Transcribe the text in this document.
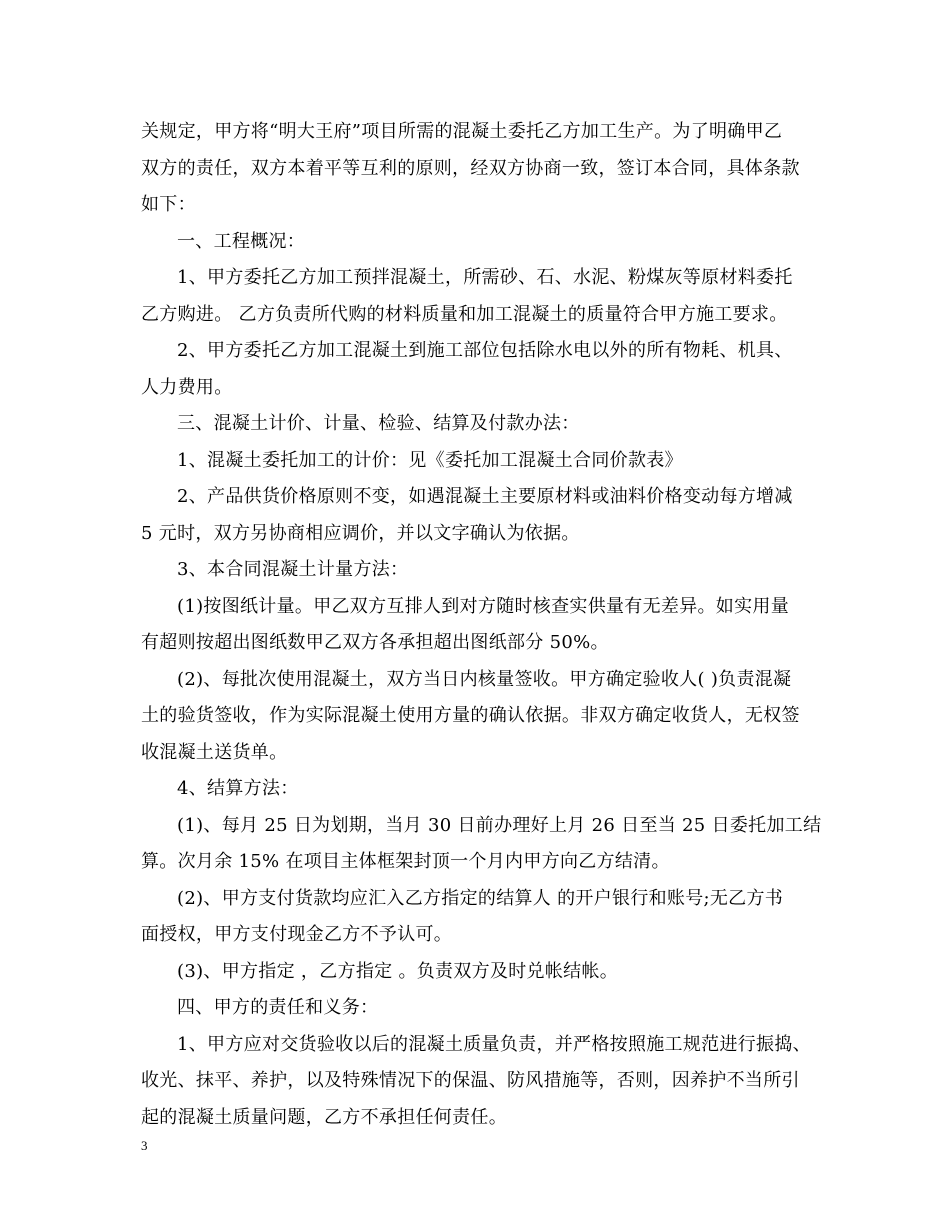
关规定，甲方将“明大王府”项目所需的混凝土委托乙方加工生产。为了明确甲乙
双方的责任，双方本着平等互利的原则，经双方协商一致，签订本合同，具体条款
如下：
一、工程概况：
1、甲方委托乙方加工预拌混凝土，所需砂、石、水泥、粉煤灰等原材料委托
乙方购进。 乙方负责所代购的材料质量和加工混凝土的质量符合甲方施工要求。
2、甲方委托乙方加工混凝土到施工部位包括除水电以外的所有物耗、机具、
人力费用。
三、混凝土计价、计量、检验、结算及付款办法：
1、混凝土委托加工的计价：见《委托加工混凝土合同价款表》
2、产品供货价格原则不变，如遇混凝土主要原材料或油料价格变动每方增减
5 元时，双方另协商相应调价，并以文字确认为依据。
3、本合同混凝土计量方法：
(1)按图纸计量。甲乙双方互排人到对方随时核查实供量有无差异。如实用量
有超则按超出图纸数甲乙双方各承担超出图纸部分 50%。
(2)、每批次使用混凝土，双方当日内核量签收。甲方确定验收人( )负责混凝
土的验货签收，作为实际混凝土使用方量的确认依据。非双方确定收货人，无权签
收混凝土送货单。
4、结算方法：
(1)、每月 25 日为划期，当月 30 日前办理好上月 26 日至当 25 日委托加工结
算。次月余 15% 在项目主体框架封顶一个月内甲方向乙方结清。
(2)、甲方支付货款均应汇入乙方指定的结算人 的开户银行和账号;无乙方书
面授权，甲方支付现金乙方不予认可。
(3)、甲方指定 ，乙方指定 。负责双方及时兑帐结帐。
四、甲方的责任和义务：
1、甲方应对交货验收以后的混凝土质量负责，并严格按照施工规范进行振捣、
收光、抹平、养护，以及特殊情况下的保温、防风措施等，否则，因养护不当所引
起的混凝土质量问题，乙方不承担任何责任。
3
